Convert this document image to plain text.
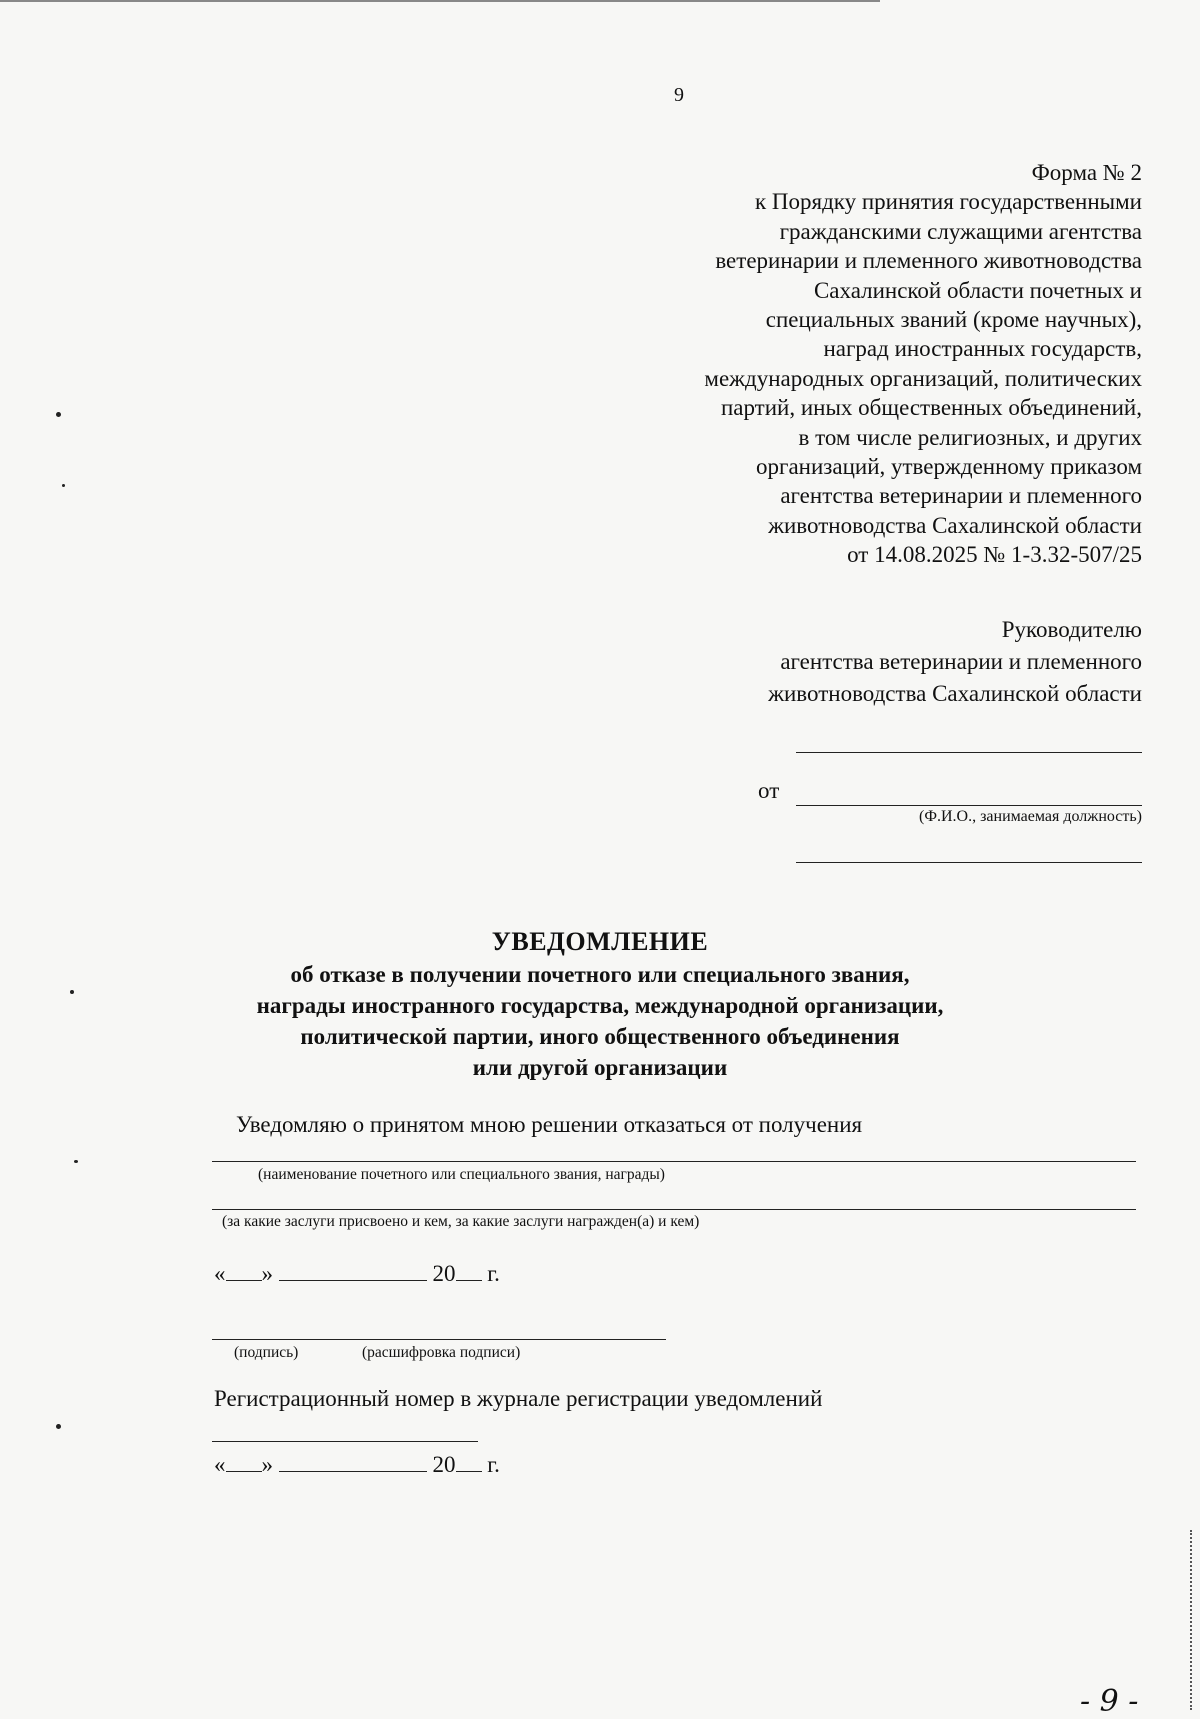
9
Форма № 2
к Порядку принятия государственными
гражданскими служащими агентства
ветеринарии и племенного животноводства
Сахалинской области почетных и
специальных званий (кроме научных),
наград иностранных государств,
международных организаций, политических
партий, иных общественных объединений,
в том числе религиозных, и других
организаций, утвержденному приказом
агентства ветеринарии и племенного
животноводства Сахалинской области
от 14.08.2025 № 1-3.32-507/25
Руководителю
агентства ветеринарии и племенного
животноводства Сахалинской области
от
(Ф.И.О., занимаемая должность)
УВЕДОМЛЕНИЕ
об отказе в получении почетного или специального звания,
награды иностранного государства, международной организации,
политической партии, иного общественного объединения
или другой организации
Уведомляю о принятом мною решении отказаться от получения
(наименование почетного или специального звания, награды)
(за какие заслуги присвоено и кем, за какие заслуги награжден(а) и кем)
« »	20 г.
(подпись)	(расшифровка подписи)
Регистрационный номер в журнале регистрации уведомлений
« »	20 г.
- 9 -
